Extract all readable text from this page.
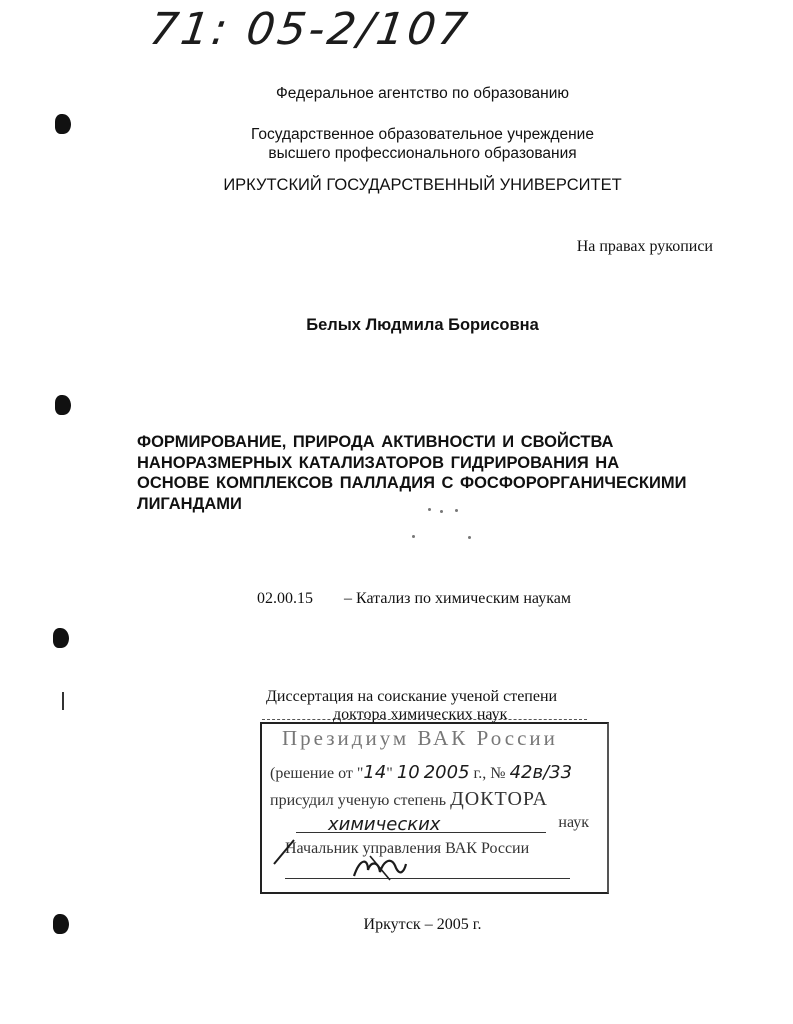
71: 05-2/107
Федеральное агентство по образованию
Государственное образовательное учреждение
высшего профессионального образования
ИРКУТСКИЙ ГОСУДАРСТВЕННЫЙ УНИВЕРСИТЕТ
На правах рукописи
Белых Людмила Борисовна
ФОРМИРОВАНИЕ, ПРИРОДА АКТИВНОСТИ И СВОЙСТВА
НАНОРАЗМЕРНЫХ КАТАЛИЗАТОРОВ ГИДРИРОВАНИЯ НА
ОСНОВЕ КОМПЛЕКСОВ ПАЛЛАДИЯ С ФОСФОРОРГАНИЧЕСКИМИ
ЛИГАНДАМИ
02.00.15 – Катализ по химическим наукам
Диссертация на соискание ученой степени
доктора химических наук
Президиум ВАК России
(решение от "14" 10 2005 г., № 42в/33
присудил ученую степень ДОКТОРА
химических	наук
Начальник управления ВАК России
Иркутск – 2005 г.
